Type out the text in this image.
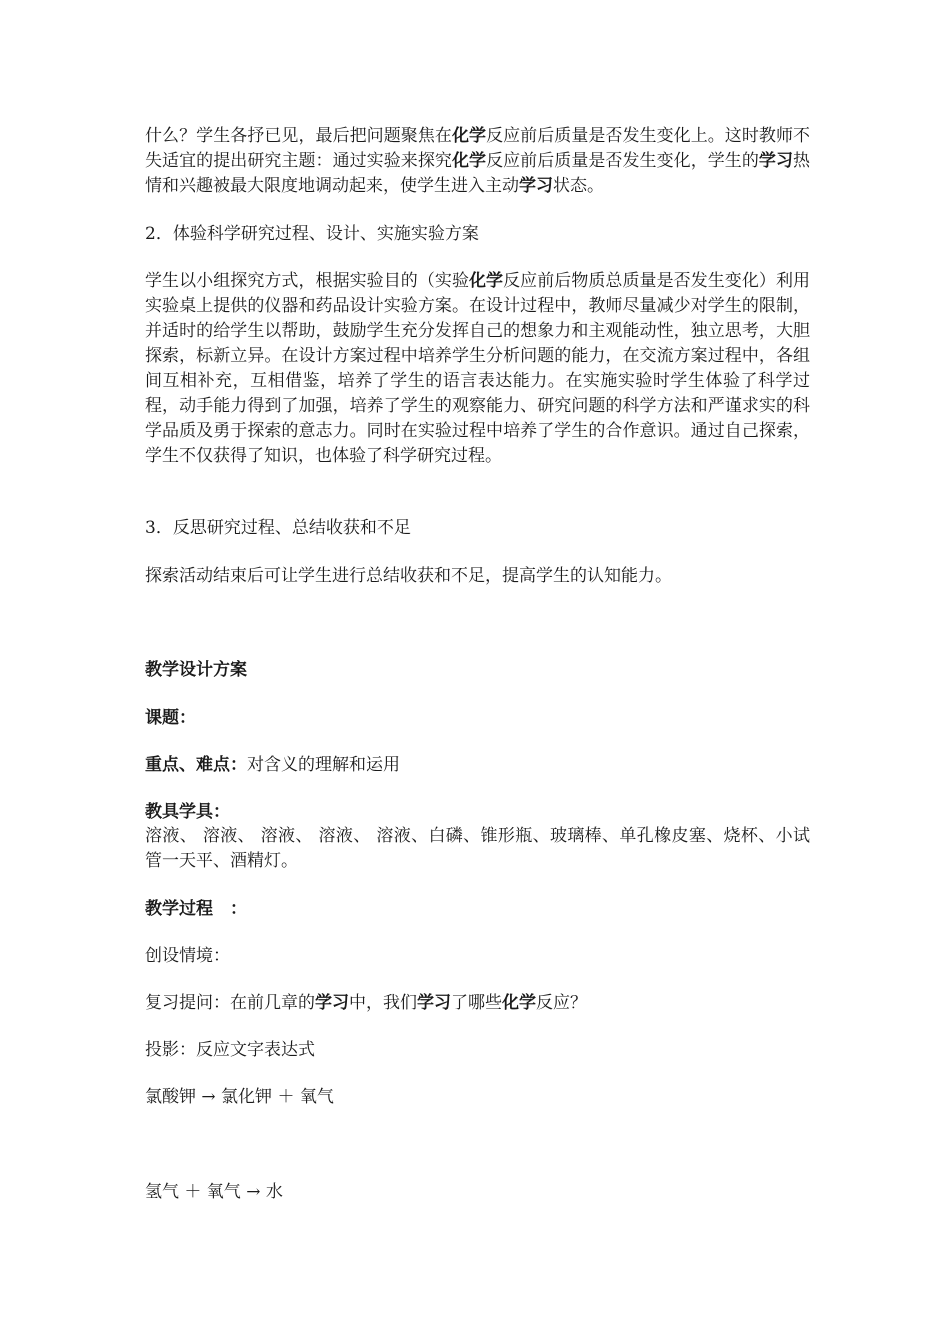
什么？学生各抒已见，最后把问题聚焦在化学反应前后质量是否发生变化上。这时教师不失适宜的提出研究主题：通过实验来探究化学反应前后质量是否发生变化，学生的学习热情和兴趣被最大限度地调动起来，使学生进入主动学习状态。

2．体验科学研究过程、设计、实施实验方案

学生以小组探究方式，根据实验目的（实验化学反应前后物质总质量是否发生变化）利用实验桌上提供的仪器和药品设计实验方案。在设计过程中，教师尽量减少对学生的限制，并适时的给学生以帮助，鼓励学生充分发挥自己的想象力和主观能动性，独立思考，大胆探索，标新立异。在设计方案过程中培养学生分析问题的能力，在交流方案过程中，各组间互相补充，互相借鉴，培养了学生的语言表达能力。在实施实验时学生体验了科学过程，动手能力得到了加强，培养了学生的观察能力、研究问题的科学方法和严谨求实的科学品质及勇于探索的意志力。同时在实验过程中培养了学生的合作意识。通过自己探索，学生不仅获得了知识，也体验了科学研究过程。

3．反思研究过程、总结收获和不足

探索活动结束后可让学生进行总结收获和不足，提高学生的认知能力。

教学设计方案

课题：

重点、难点：对含义的理解和运用

教具学具：

溶液、 溶液、 溶液、 溶液、 溶液、白磷、锥形瓶、玻璃棒、单孔橡皮塞、烧杯、小试管一天平、酒精灯。

教学过程　：

创设情境：

复习提问：在前几章的学习中，我们学习了哪些化学反应？

投影：反应文字表达式

氯酸钾 → 氯化钾 ＋ 氧气

氢气 ＋ 氧气 → 水
